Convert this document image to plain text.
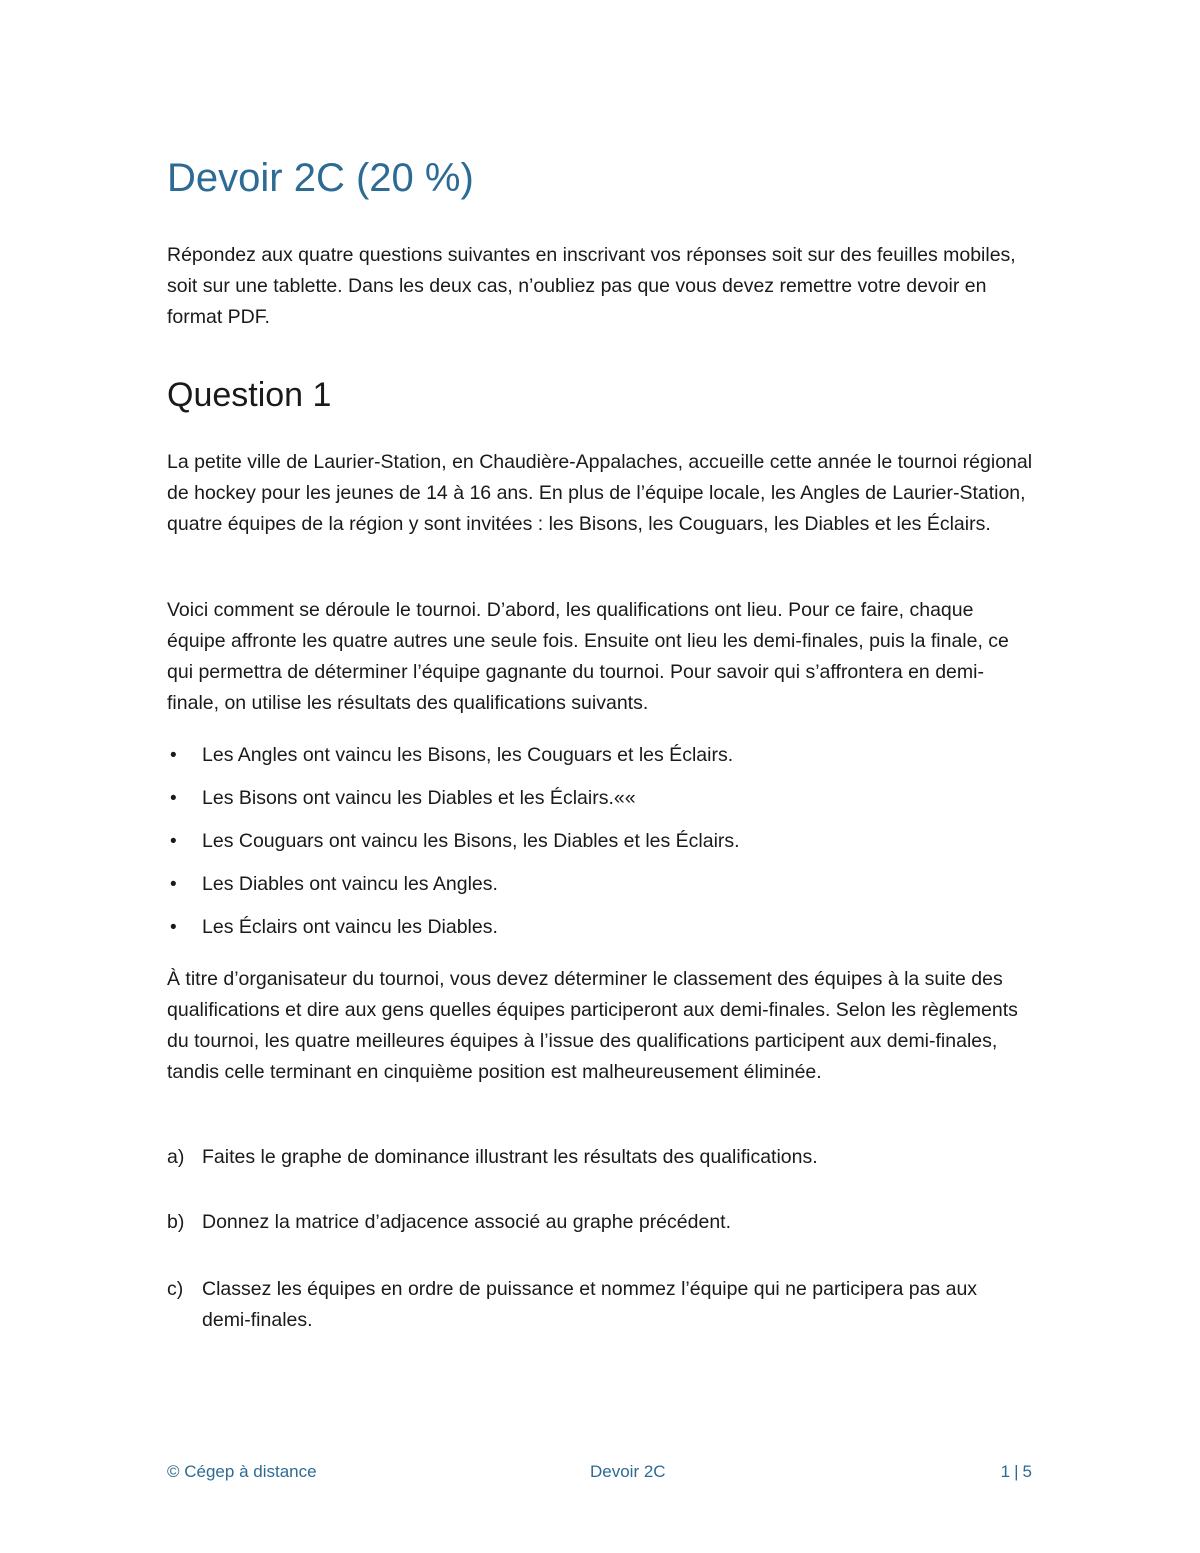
Devoir 2C (20 %)

Répondez aux quatre questions suivantes en inscrivant vos réponses soit sur des feuilles mobiles, soit sur une tablette. Dans les deux cas, n’oubliez pas que vous devez remettre votre devoir en format PDF.

Question 1

La petite ville de Laurier-Station, en Chaudière-Appalaches, accueille cette année le tournoi régional de hockey pour les jeunes de 14 à 16 ans. En plus de l’équipe locale, les Angles de Laurier-Station, quatre équipes de la région y sont invitées : les Bisons, les Couguars, les Diables et les Éclairs.

Voici comment se déroule le tournoi. D’abord, les qualifications ont lieu. Pour ce faire, chaque équipe affronte les quatre autres une seule fois. Ensuite ont lieu les demi-finales, puis la finale, ce qui permettra de déterminer l’équipe gagnante du tournoi. Pour savoir qui s’affrontera en demi-finale, on utilise les résultats des qualifications suivants.

• Les Angles ont vaincu les Bisons, les Couguars et les Éclairs.
• Les Bisons ont vaincu les Diables et les Éclairs.««
• Les Couguars ont vaincu les Bisons, les Diables et les Éclairs.
• Les Diables ont vaincu les Angles.
• Les Éclairs ont vaincu les Diables.

À titre d’organisateur du tournoi, vous devez déterminer le classement des équipes à la suite des qualifications et dire aux gens quelles équipes participeront aux demi-finales. Selon les règlements du tournoi, les quatre meilleures équipes à l’issue des qualifications participent aux demi-finales, tandis celle terminant en cinquième position est malheureusement éliminée.

a) Faites le graphe de dominance illustrant les résultats des qualifications.
b) Donnez la matrice d’adjacence associé au graphe précédent.
c) Classez les équipes en ordre de puissance et nommez l’équipe qui ne participera pas aux demi-finales.
© Cégep à distance	Devoir 2C	1 | 5
